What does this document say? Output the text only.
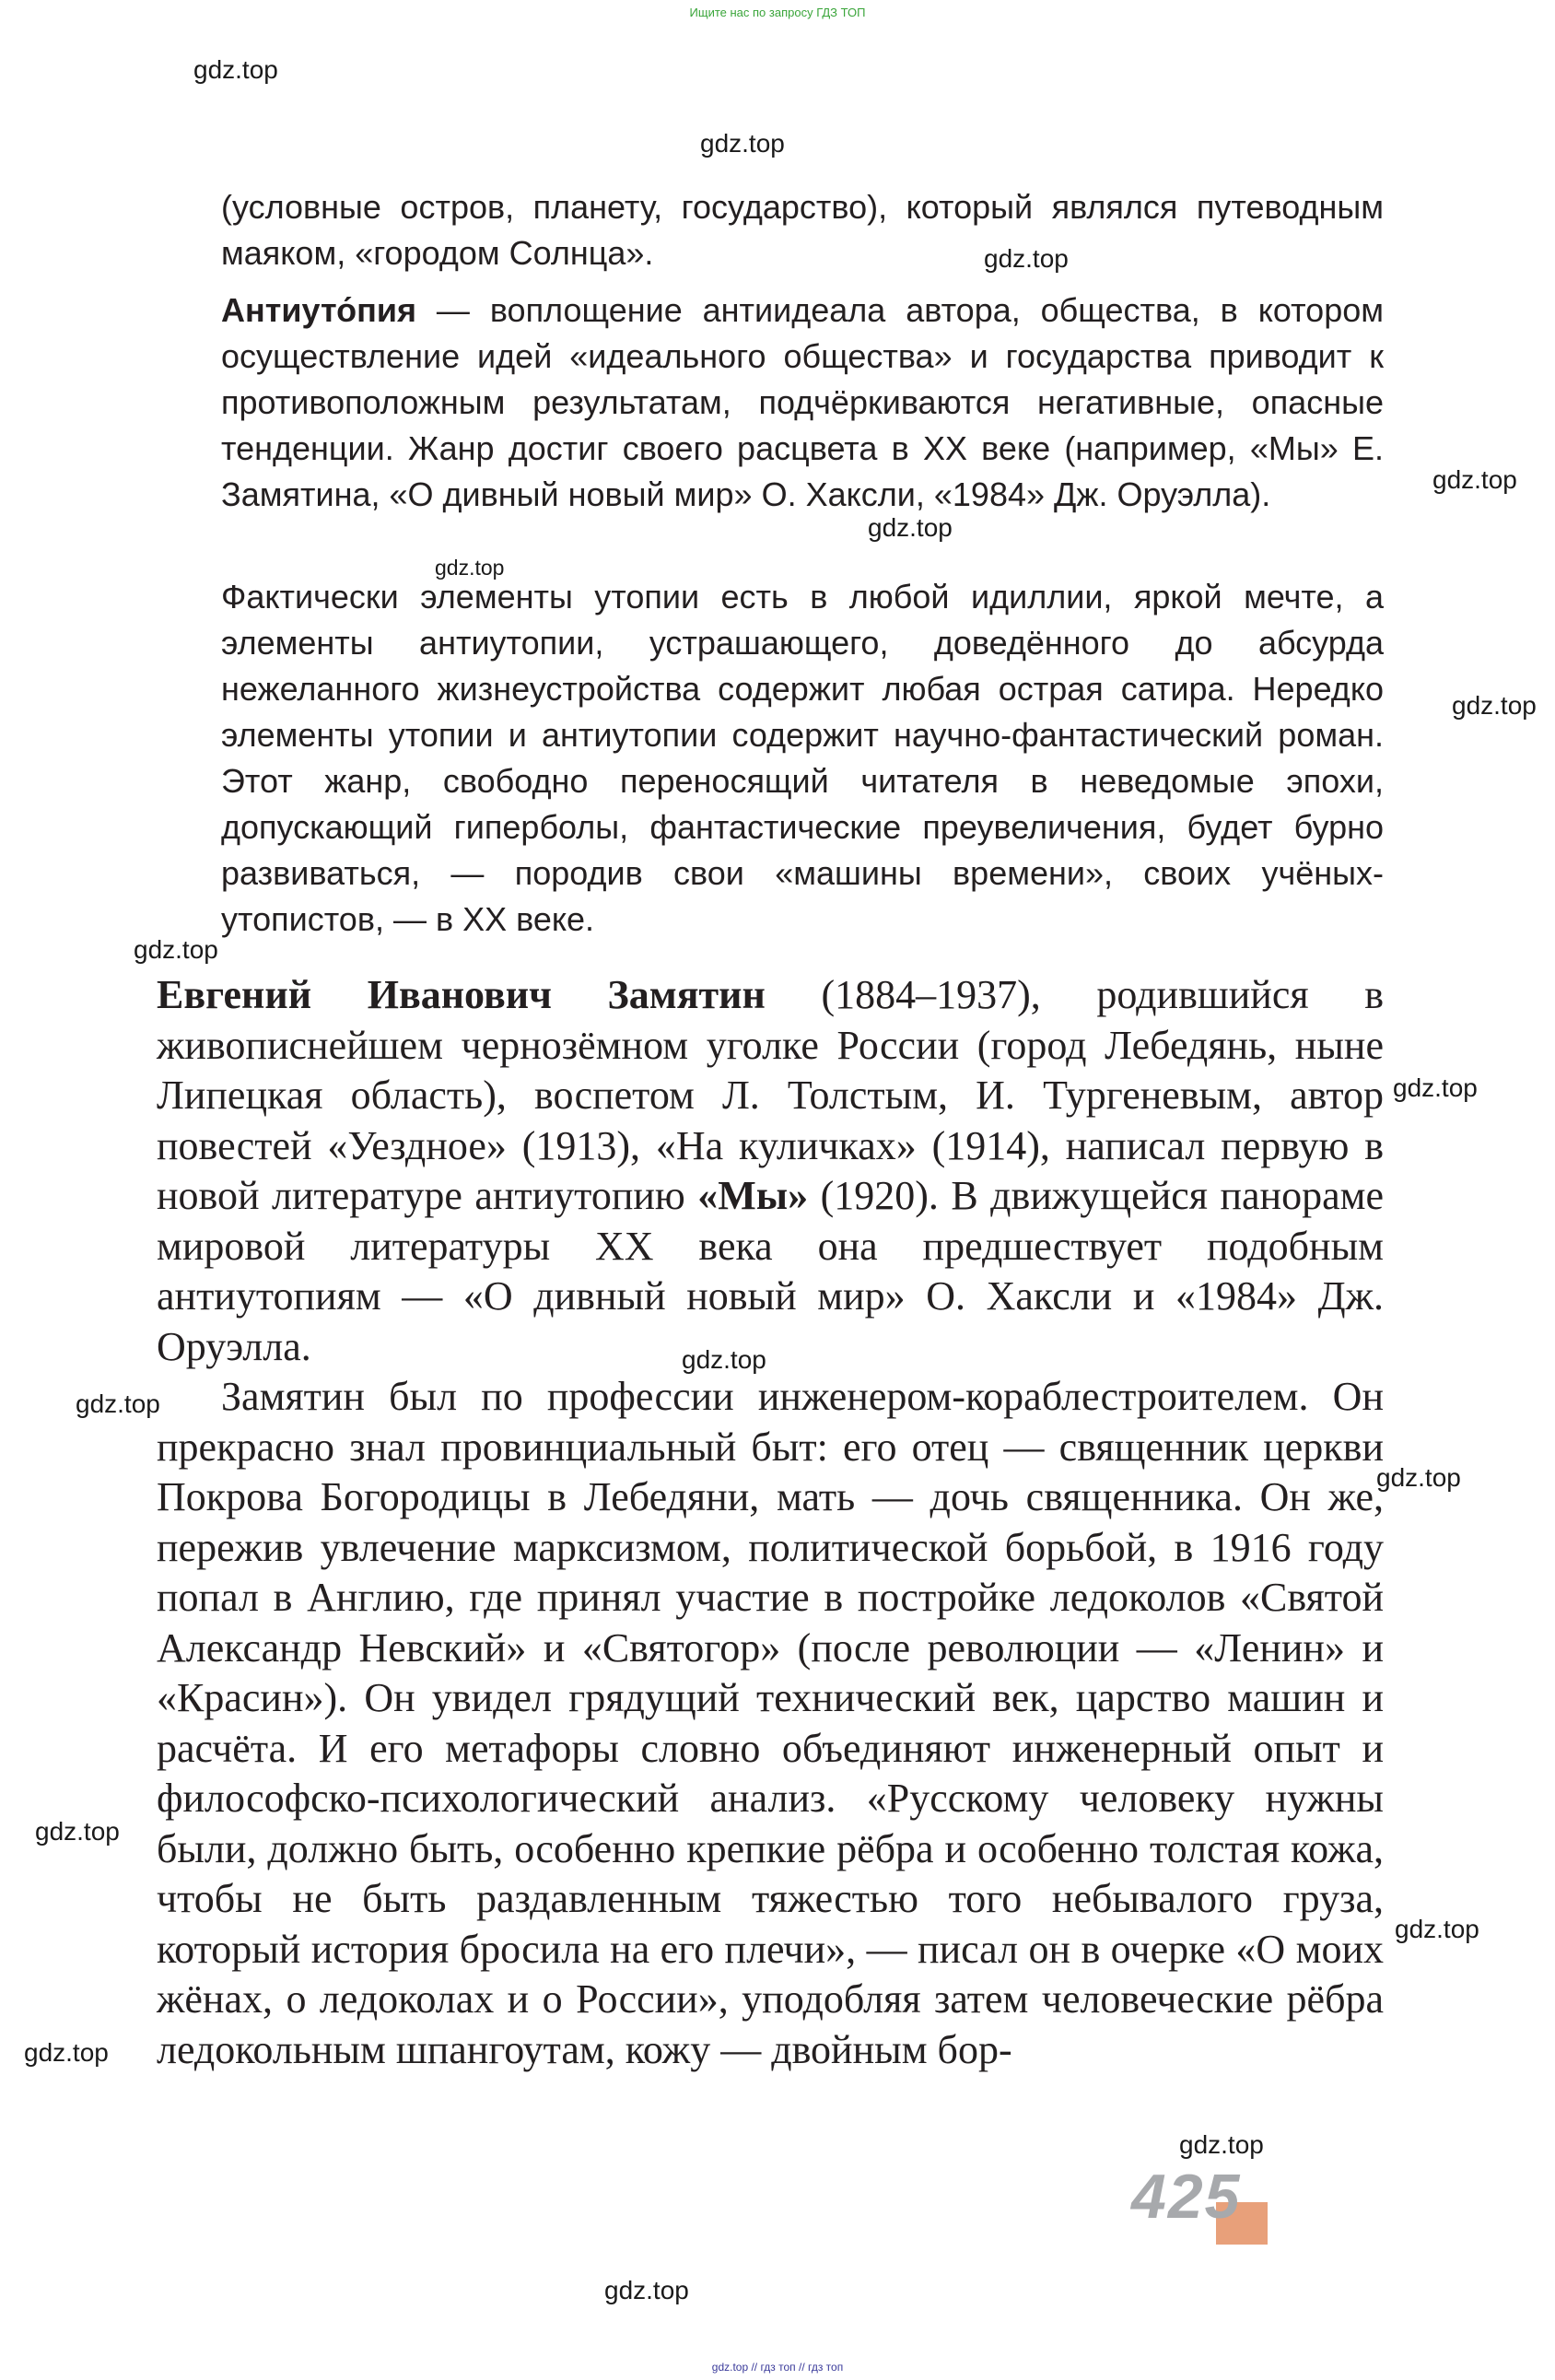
Ищите нас по запросу ГДЗ ТОП
gdz.top
gdz.top
gdz.top
gdz.top
gdz.top
gdz.top
gdz.top
gdz.top
gdz.top
gdz.top
gdz.top
gdz.top
gdz.top
gdz.top
gdz.top
gdz.top
gdz.top
(условные остров, планету, государство), который являлся путеводным маяком, «городом Солнца».
Антиуто́пия — воплощение антиидеала автора, общества, в котором осуществление идей «идеального общества» и государства приводит к противоположным результатам, подчёркиваются негативные, опасные тенденции. Жанр достиг своего расцвета в XX веке (например, «Мы» Е. Замятина, «О дивный новый мир» О. Хаксли, «1984» Дж. Оруэлла).
Фактически элементы утопии есть в любой идиллии, яркой мечте, а элементы антиутопии, устрашающего, доведённого до абсурда нежеланного жизнеустройства содержит любая острая сатира. Нередко элементы утопии и антиутопии содержит научно-фантастический роман. Этот жанр, свободно переносящий читателя в неведомые эпохи, допускающий гиперболы, фантастические преувеличения, будет бурно развиваться, — породив свои «машины времени», своих учёных-утопистов, — в XX веке.

Евгений Иванович Замятин (1884–1937), родившийся в живописнейшем чернозёмном уголке России (город Лебедянь, ныне Липецкая область), воспетом Л. Толстым, И. Тургеневым, автор повестей «Уездное» (1913), «На куличках» (1914), написал первую в новой литературе антиутопию «Мы» (1920). В движущейся панораме мировой литературы XX века она предшествует подобным антиутопиям — «О дивный новый мир» О. Хаксли и «1984» Дж. Оруэлла.

Замятин был по профессии инженером-кораблестроителем. Он прекрасно знал провинциальный быт: его отец — священник церкви Покрова Богородицы в Лебедяни, мать — дочь священника. Он же, пережив увлечение марксизмом, политической борьбой, в 1916 году попал в Англию, где принял участие в постройке ледоколов «Святой Александр Невский» и «Святогор» (после революции — «Ленин» и «Красин»). Он увидел грядущий технический век, царство машин и расчёта. И его метафоры словно объединяют инженерный опыт и философско-психологический анализ. «Русскому человеку нужны были, должно быть, особенно крепкие рёбра и особенно толстая кожа, чтобы не быть раздавленным тяжестью того небывалого груза, который история бросила на его плечи», — писал он в очерке «О моих жёнах, о ледоколах и о России», уподобляя затем человеческие рёбра ледокольным шпангоутам, кожу — двойным бор-

425
gdz.top // гдз топ // гдз топ
